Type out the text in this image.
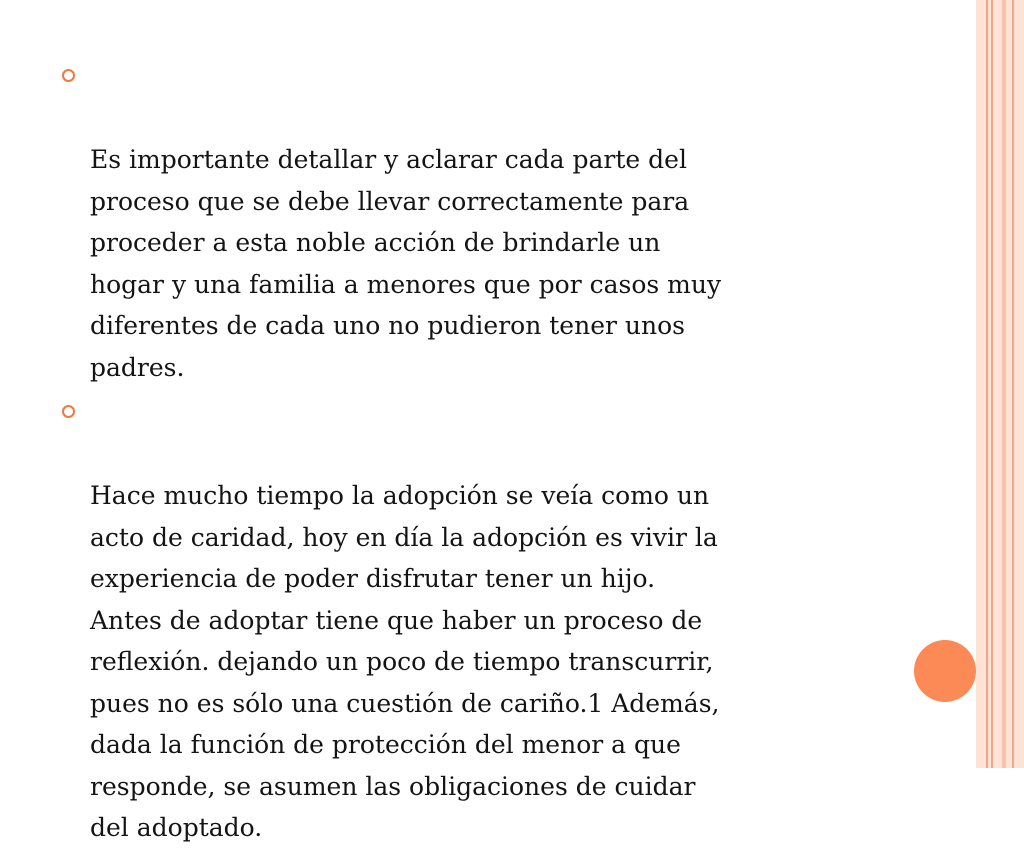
Es importante detallar y aclarar cada parte del
proceso que se debe llevar correctamente para
proceder a esta noble acción de brindarle un
hogar y una familia a menores que por casos muy
diferentes de cada uno no pudieron tener unos
padres.

Hace mucho tiempo la adopción se veía como un
acto de caridad, hoy en día la adopción es vivir la
experiencia de poder disfrutar tener un hijo.
Antes de adoptar tiene que haber un proceso de
reflexión. dejando un poco de tiempo transcurrir,
pues no es sólo una cuestión de cariño.1 Además,
dada la función de protección del menor a que
responde, se asumen las obligaciones de cuidar
del adoptado.
